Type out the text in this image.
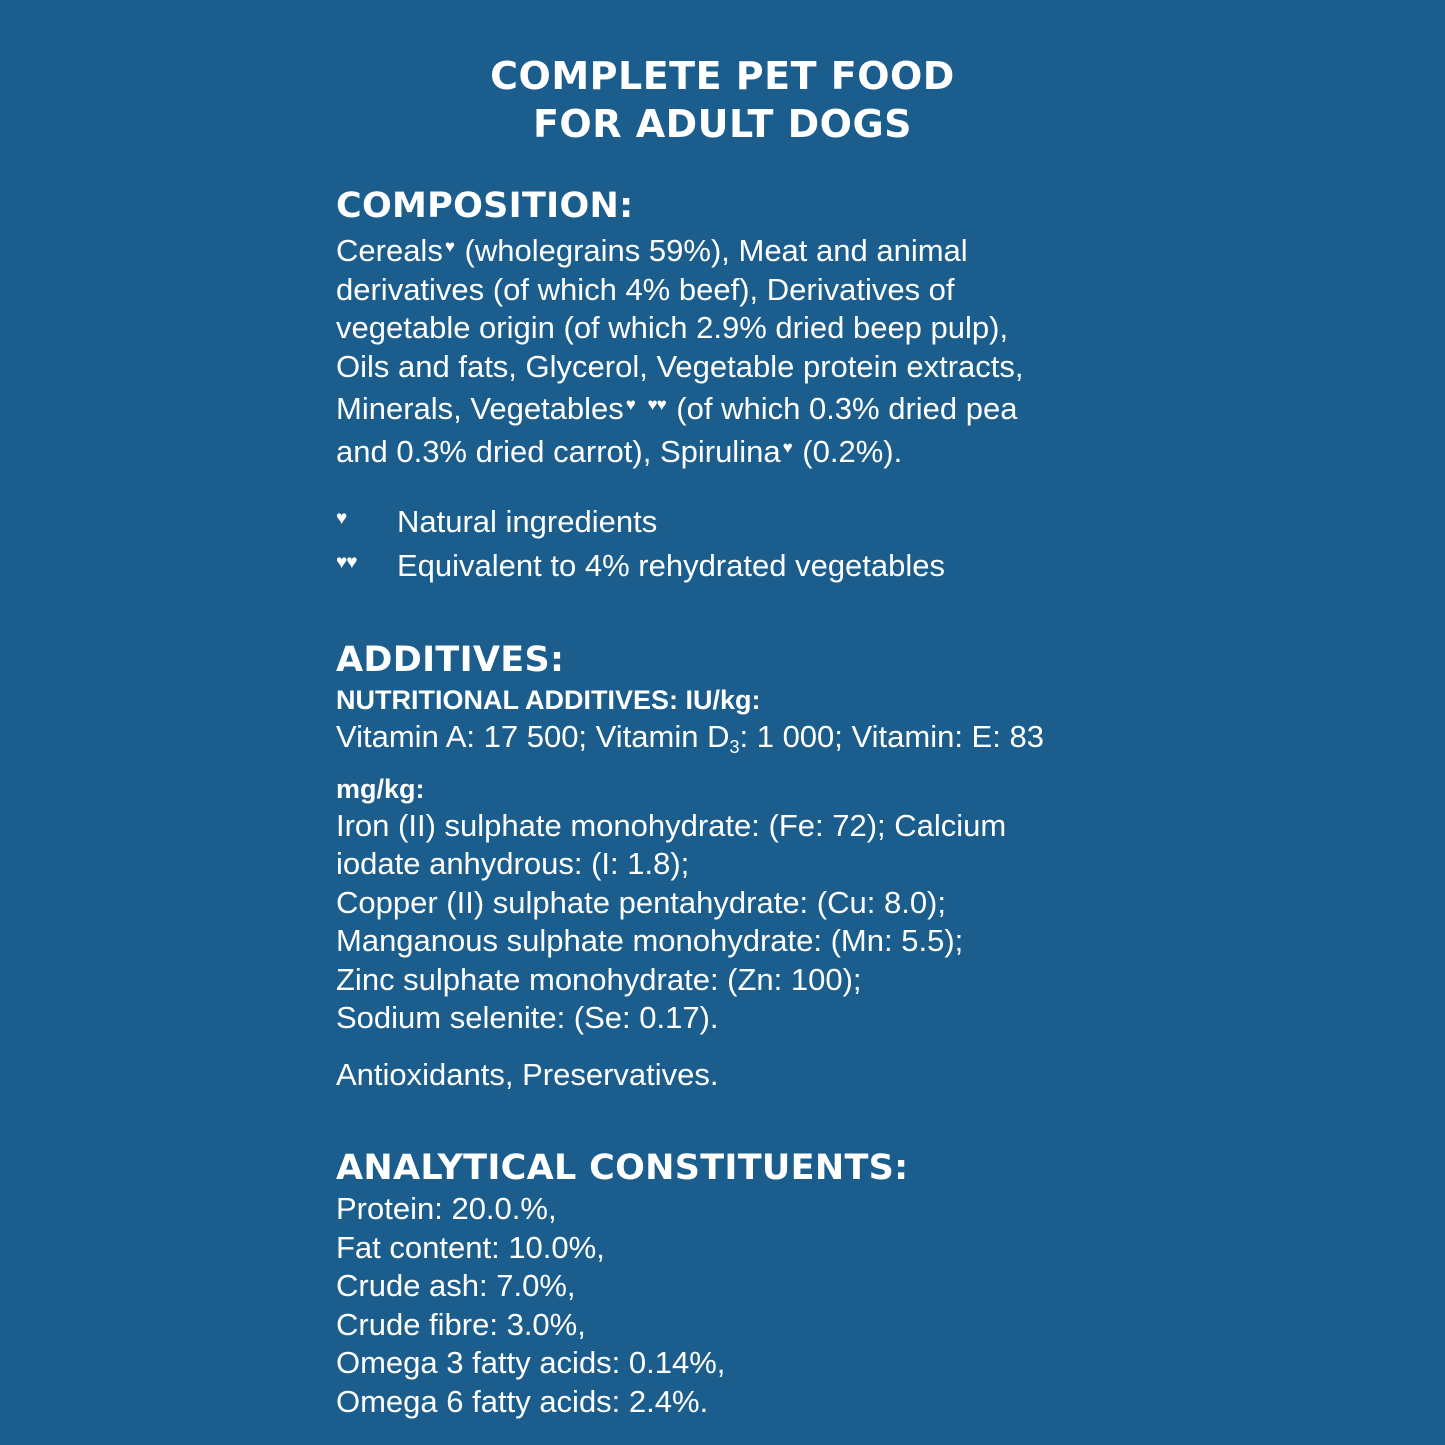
COMPLETE PET FOOD
FOR ADULT DOGS
COMPOSITION:
Cereals ♥ (wholegrains 59%), Meat and animal
derivatives (of which 4% beef), Derivatives of
vegetable origin (of which 2.9% dried beep pulp),
Oils and fats, Glycerol, Vegetable protein extracts,
Minerals, Vegetables ♥ ♥♥ (of which 0.3% dried pea
and 0.3% dried carrot), Spirulina ♥ (0.2%).
♥	Natural ingredients
♥♥	Equivalent to 4% rehydrated vegetables
ADDITIVES:
NUTRITIONAL ADDITIVES: IU/kg:
Vitamin A: 17 500; Vitamin $D_3$: 1 000; Vitamin: E: 83
mg/kg:
Iron (II) sulphate monohydrate: (Fe: 72); Calcium
iodate anhydrous: (I: 1.8);
Copper (II) sulphate pentahydrate: (Cu: 8.0);
Manganous sulphate monohydrate: (Mn: 5.5);
Zinc sulphate monohydrate: (Zn: 100);
Sodium selenite: (Se: 0.17).
Antioxidants, Preservatives.
ANALYTICAL CONSTITUENTS:
Protein: 20.0.%,
Fat content: 10.0%,
Crude ash: 7.0%,
Crude fibre: 3.0%,
Omega 3 fatty acids: 0.14%,
Omega 6 fatty acids: 2.4%.
